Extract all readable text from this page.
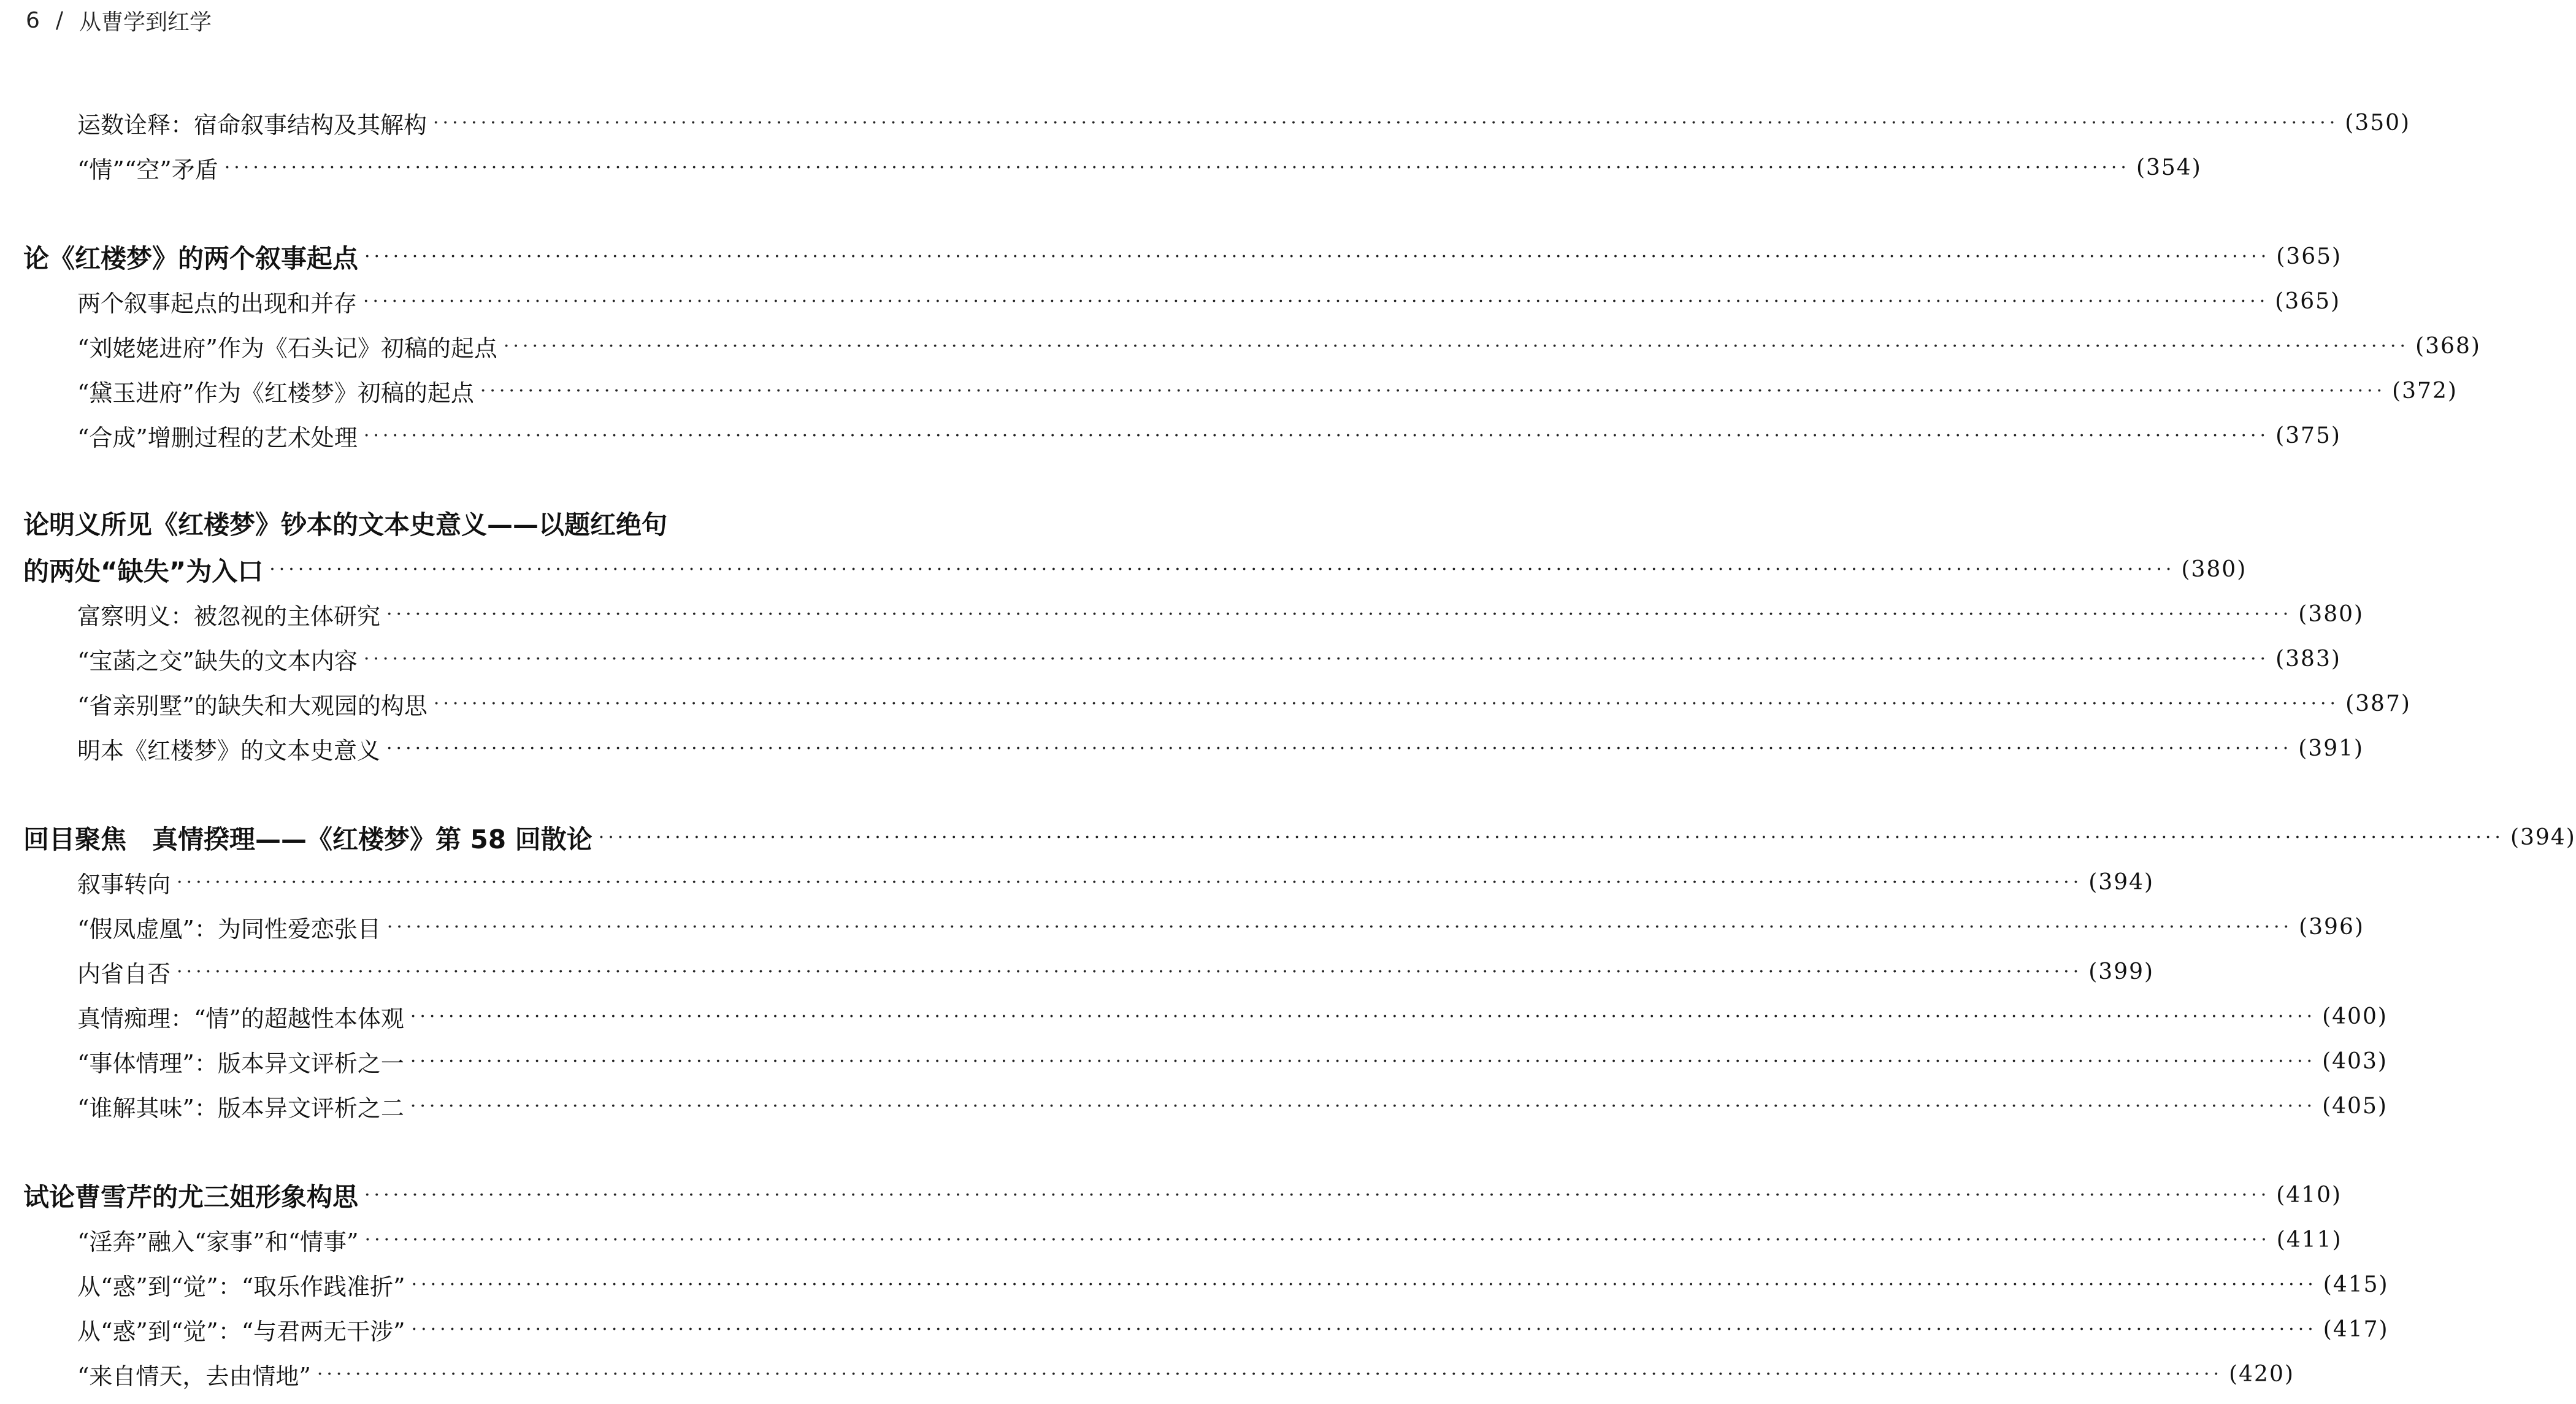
6 / 从曹学到红学
运数诠释：宿命叙事结构及其解构 ········································································································································································································ (350)
“情”“空”矛盾 ········································································································································································································ (354)
论《红楼梦》的两个叙事起点 ········································································································································································································ (365)
两个叙事起点的出现和并存 ········································································································································································································ (365)
“刘姥姥进府”作为《石头记》初稿的起点 ········································································································································································································ (368)
“黛玉进府”作为《红楼梦》初稿的起点 ········································································································································································································ (372)
“合成”增删过程的艺术处理 ········································································································································································································ (375)
论明义所见《红楼梦》钞本的文本史意义——以题红绝句
的两处“缺失”为入口 ········································································································································································································ (380)
富察明义：被忽视的主体研究 ········································································································································································································ (380)
“宝菡之交”缺失的文本内容 ········································································································································································································ (383)
“省亲别墅”的缺失和大观园的构思 ········································································································································································································ (387)
明本《红楼梦》的文本史意义 ········································································································································································································ (391)
回目聚焦　真情揆理——《红楼梦》第 58 回散论 ········································································································································································································ (394)
叙事转向 ········································································································································································································ (394)
“假凤虚凰”：为同性爱恋张目 ········································································································································································································ (396)
内省自否 ········································································································································································································ (399)
真情痴理：“情”的超越性本体观 ········································································································································································································ (400)
“事体情理”：版本异文评析之一 ········································································································································································································ (403)
“谁解其味”：版本异文评析之二 ········································································································································································································ (405)
试论曹雪芹的尤三姐形象构思 ········································································································································································································ (410)
“淫奔”融入“家事”和“情事” ········································································································································································································ (411)
从“惑”到“觉”：“取乐作践准折” ········································································································································································································ (415)
从“惑”到“觉”：“与君两无干涉” ········································································································································································································ (417)
“来自情天，去由情地” ········································································································································································································ (420)
